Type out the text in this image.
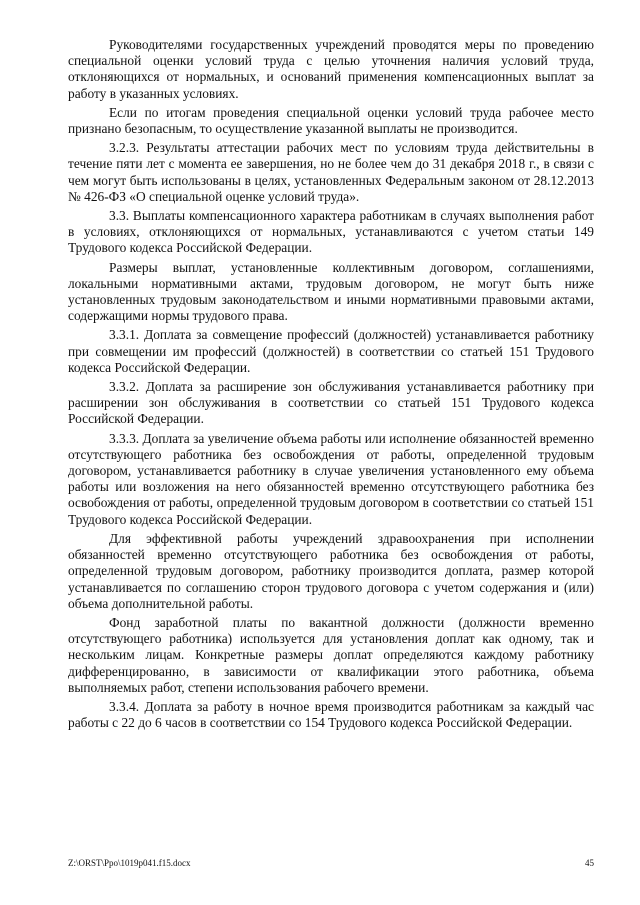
Руководителями государственных учреждений проводятся меры по проведению специальной оценки условий труда с целью уточнения наличия условий труда, отклоняющихся от нормальных, и оснований применения компенсационных выплат за работу в указанных условиях.

Если по итогам проведения специальной оценки условий труда рабочее место признано безопасным, то осуществление указанной выплаты не производится.

3.2.3. Результаты аттестации рабочих мест по условиям труда действительны в течение пяти лет с момента ее завершения, но не более чем до 31 декабря 2018 г., в связи с чем могут быть использованы в целях, установленных Федеральным законом от 28.12.2013 № 426-ФЗ «О специальной оценке условий труда».

3.3. Выплаты компенсационного характера работникам в случаях выполнения работ в условиях, отклоняющихся от нормальных, устанавливаются с учетом статьи 149 Трудового кодекса Российской Федерации.

Размеры выплат, установленные коллективным договором, соглашениями, локальными нормативными актами, трудовым договором, не могут быть ниже установленных трудовым законодательством и иными нормативными правовыми актами, содержащими нормы трудового права.

3.3.1. Доплата за совмещение профессий (должностей) устанавливается работнику при совмещении им профессий (должностей) в соответствии со статьей 151 Трудового кодекса Российской Федерации.

3.3.2. Доплата за расширение зон обслуживания устанавливается работнику при расширении зон обслуживания в соответствии со статьей 151 Трудового кодекса Российской Федерации.

3.3.3. Доплата за увеличение объема работы или исполнение обязанностей временно отсутствующего работника без освобождения от работы, определенной трудовым договором, устанавливается работнику в случае увеличения установленного ему объема работы или возложения на него обязанностей временно отсутствующего работника без освобождения от работы, определенной трудовым договором в соответствии со статьей 151 Трудового кодекса Российской Федерации.

Для эффективной работы учреждений здравоохранения при исполнении обязанностей временно отсутствующего работника без освобождения от работы, определенной трудовым договором, работнику производится доплата, размер которой устанавливается по соглашению сторон трудового договора с учетом содержания и (или) объема дополнительной работы.

Фонд заработной платы по вакантной должности (должности временно отсутствующего работника) используется для установления доплат как одному, так и нескольким лицам. Конкретные размеры доплат определяются каждому работнику дифференцированно, в зависимости от квалификации этого работника, объема выполняемых работ, степени использования рабочего времени.

3.3.4. Доплата за работу в ночное время производится работникам за каждый час работы с 22 до 6 часов в соответствии со 154 Трудового кодекса Российской Федерации.

Z:\ORST\Ppo\1019p041.f15.docx	45
